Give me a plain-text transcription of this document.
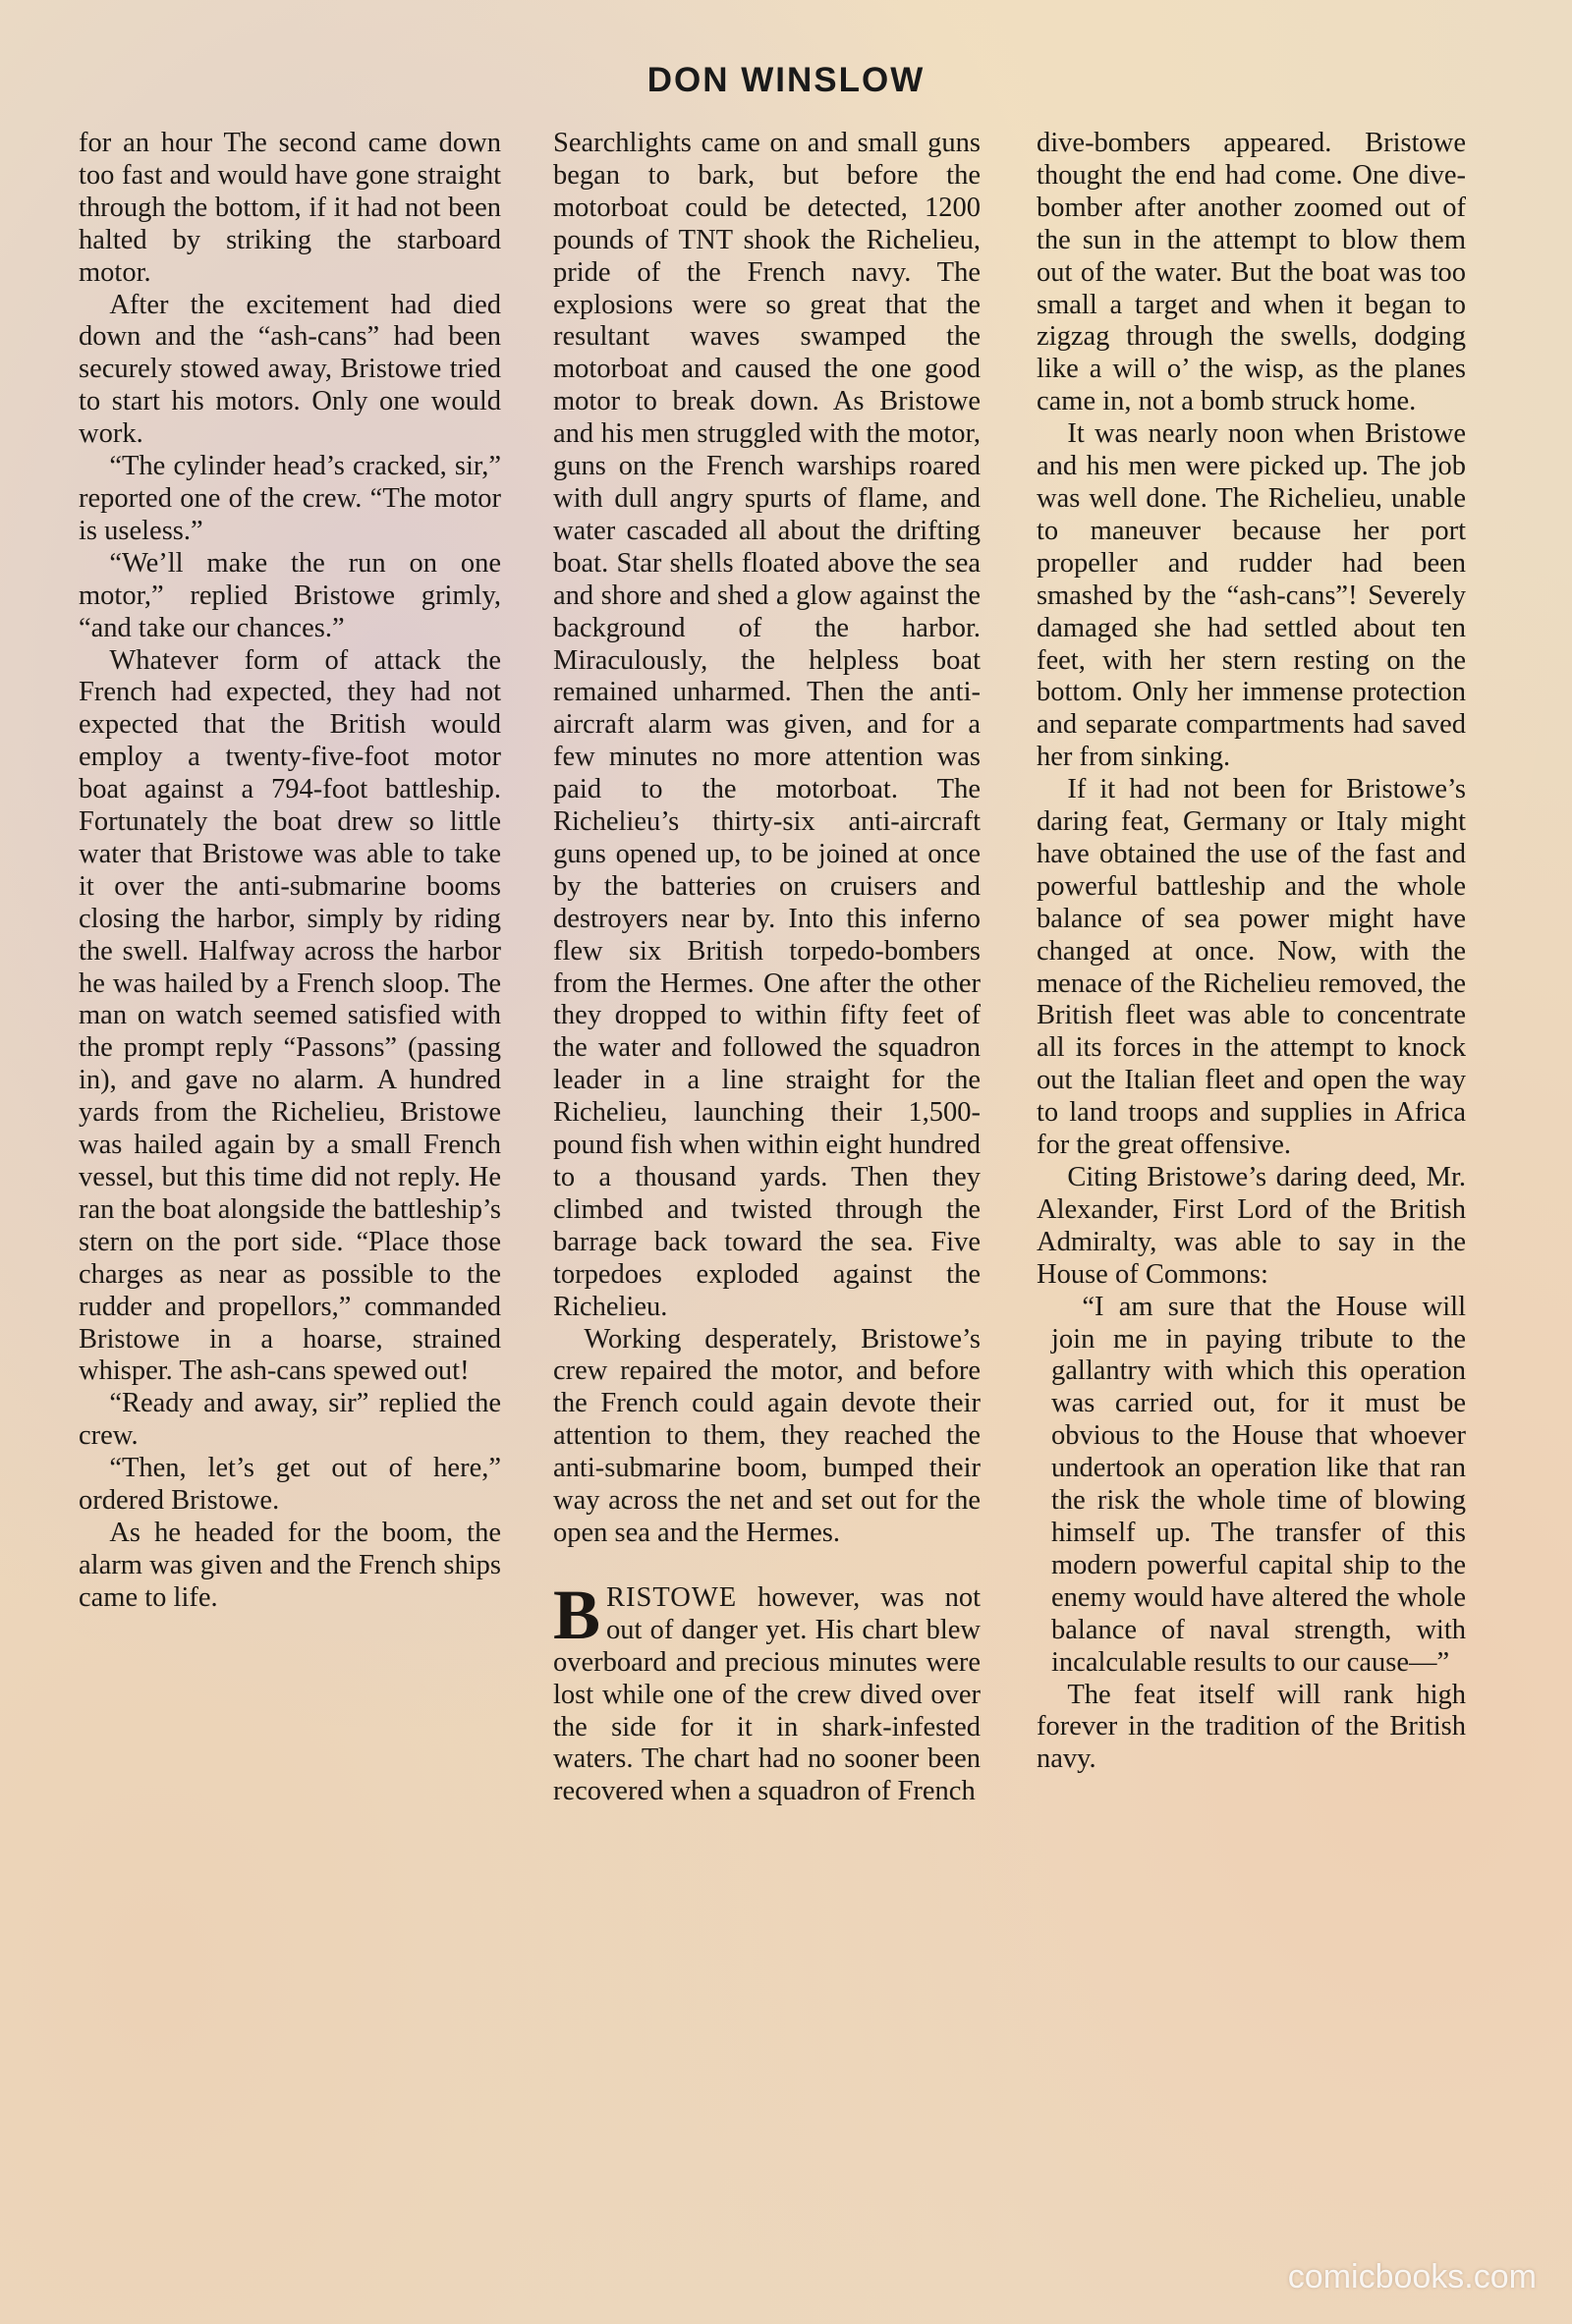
DON WINSLOW

for an hour The second came down too fast and would have gone straight through the bottom, if it had not been halted by striking the starboard motor.

After the excitement had died down and the “ash-cans” had been securely stowed away, Bristowe tried to start his motors. Only one would work.

“The cylinder head’s cracked, sir,” reported one of the crew. “The motor is useless.”

“We’ll make the run on one motor,” replied Bristowe grimly, “and take our chances.”

Whatever form of attack the French had expected, they had not expected that the British would employ a twenty-five-foot motor boat against a 794-foot battleship. Fortunately the boat drew so little water that Bristowe was able to take it over the anti-submarine booms closing the harbor, simply by riding the swell. Halfway across the harbor he was hailed by a French sloop. The man on watch seemed satisfied with the prompt reply “Passons” (passing in), and gave no alarm. A hundred yards from the Richelieu, Bristowe was hailed again by a small French vessel, but this time did not reply. He ran the boat alongside the battleship’s stern on the port side. “Place those charges as near as possible to the rudder and propellors,” commanded Bristowe in a hoarse, strained whisper. The ash-cans spewed out!

“Ready and away, sir” replied the crew.

“Then, let’s get out of here,” ordered Bristowe.

As he headed for the boom, the alarm was given and the French ships came to life.

Searchlights came on and small guns began to bark, but before the motorboat could be detected, 1200 pounds of TNT shook the Richelieu, pride of the French navy. The explosions were so great that the resultant waves swamped the motorboat and caused the one good motor to break down. As Bristowe and his men struggled with the motor, guns on the French warships roared with dull angry spurts of flame, and water cascaded all about the drifting boat. Star shells floated above the sea and shore and shed a glow against the background of the harbor. Miraculously, the helpless boat remained unharmed. Then the anti-aircraft alarm was given, and for a few minutes no more attention was paid to the motorboat. The Richelieu’s thirty-six anti-aircraft guns opened up, to be joined at once by the batteries on cruisers and destroyers near by. Into this inferno flew six British torpedo-bombers from the Hermes. One after the other they dropped to within fifty feet of the water and followed the squadron leader in a line straight for the Richelieu, launching their 1,500-pound fish when within eight hundred to a thousand yards. Then they climbed and twisted through the barrage back toward the sea. Five torpedoes exploded against the Richelieu.

Working desperately, Bristowe’s crew repaired the motor, and before the French could again devote their attention to them, they reached the anti-submarine boom, bumped their way across the net and set out for the open sea and the Hermes.

BRISTOWE however, was not out of danger yet. His chart blew overboard and precious minutes were lost while one of the crew dived over the side for it in shark-infested waters. The chart had no sooner been recovered when a squadron of French

dive-bombers appeared. Bristowe thought the end had come. One dive-bomber after another zoomed out of the sun in the attempt to blow them out of the water. But the boat was too small a target and when it began to zigzag through the swells, dodging like a will o’ the wisp, as the planes came in, not a bomb struck home.

It was nearly noon when Bristowe and his men were picked up. The job was well done. The Richelieu, unable to maneuver because her port propeller and rudder had been smashed by the “ash-cans”! Severely damaged she had settled about ten feet, with her stern resting on the bottom. Only her immense protection and separate compartments had saved her from sinking.

If it had not been for Bristowe’s daring feat, Germany or Italy might have obtained the use of the fast and powerful battleship and the whole balance of sea power might have changed at once. Now, with the menace of the Richelieu removed, the British fleet was able to concentrate all its forces in the attempt to knock out the Italian fleet and open the way to land troops and supplies in Africa for the great offensive.

Citing Bristowe’s daring deed, Mr. Alexander, First Lord of the British Admiralty, was able to say in the House of Commons:

“I am sure that the House will join me in paying tribute to the gallantry with which this operation was carried out, for it must be obvious to the House that whoever undertook an operation like that ran the risk the whole time of blowing himself up. The transfer of this modern powerful capital ship to the enemy would have altered the whole balance of naval strength, with incalculable results to our cause—”

The feat itself will rank high forever in the tradition of the British navy.

comicbooks.com
